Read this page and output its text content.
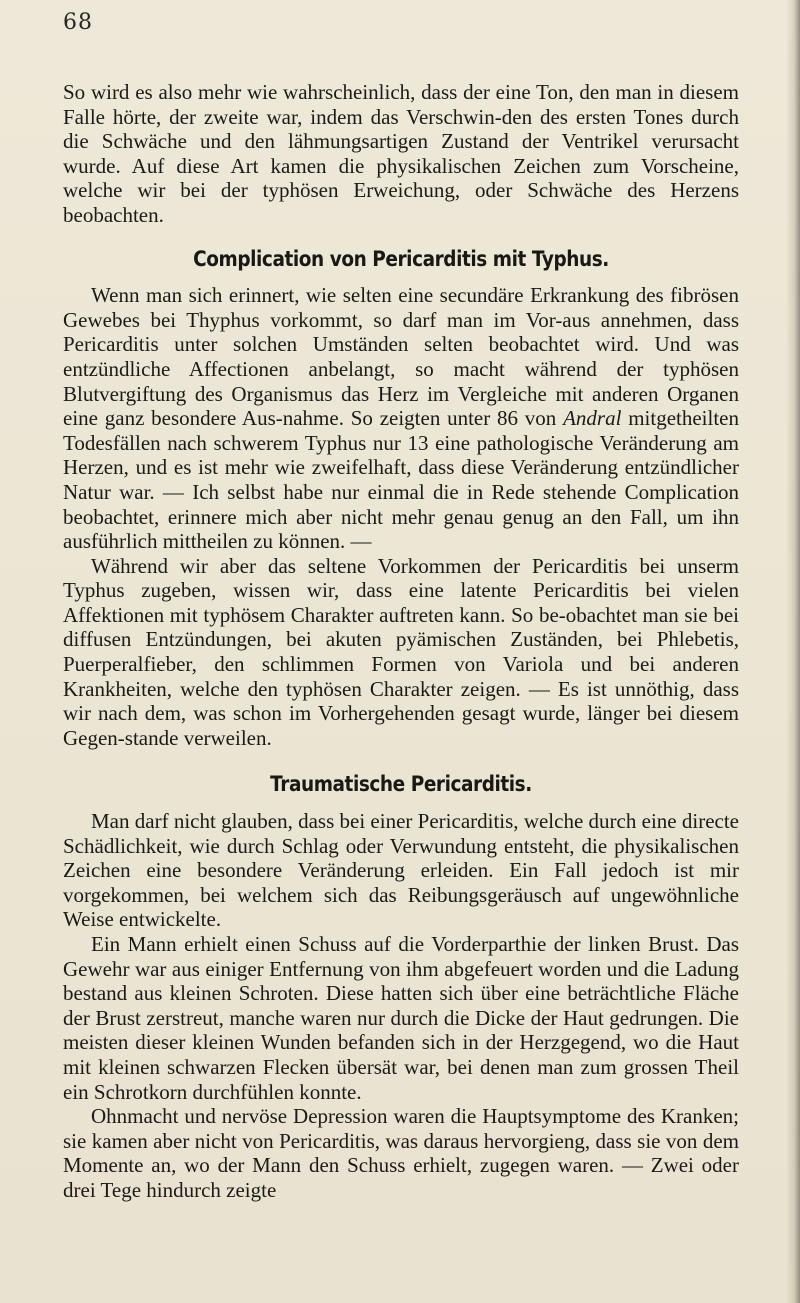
68

So wird es also mehr wie wahrscheinlich, dass der eine Ton, den man in diesem Falle hörte, der zweite war, indem das Verschwin-den des ersten Tones durch die Schwäche und den lähmungsartigen Zustand der Ventrikel verursacht wurde. Auf diese Art kamen die physikalischen Zeichen zum Vorscheine, welche wir bei der typhösen Erweichung, oder Schwäche des Herzens beobachten.

Complication von Pericarditis mit Typhus.

Wenn man sich erinnert, wie selten eine secundäre Erkrankung des fibrösen Gewebes bei Thyphus vorkommt, so darf man im Vor-aus annehmen, dass Pericarditis unter solchen Umständen selten beobachtet wird. Und was entzündliche Affectionen anbelangt, so macht während der typhösen Blutvergiftung des Organismus das Herz im Vergleiche mit anderen Organen eine ganz besondere Aus-nahme. So zeigten unter 86 von Andral mitgetheilten Todesfällen nach schwerem Typhus nur 13 eine pathologische Veränderung am Herzen, und es ist mehr wie zweifelhaft, dass diese Veränderung entzündlicher Natur war. — Ich selbst habe nur einmal die in Rede stehende Complication beobachtet, erinnere mich aber nicht mehr genau genug an den Fall, um ihn ausführlich mittheilen zu können. —

Während wir aber das seltene Vorkommen der Pericarditis bei unserm Typhus zugeben, wissen wir, dass eine latente Pericarditis bei vielen Affektionen mit typhösem Charakter auftreten kann. So be-obachtet man sie bei diffusen Entzündungen, bei akuten pyämischen Zuständen, bei Phlebetis, Puerperalfieber, den schlimmen Formen von Variola und bei anderen Krankheiten, welche den typhösen Charakter zeigen. — Es ist unnöthig, dass wir nach dem, was schon im Vorhergehenden gesagt wurde, länger bei diesem Gegen-stande verweilen.

Traumatische Pericarditis.

Man darf nicht glauben, dass bei einer Pericarditis, welche durch eine directe Schädlichkeit, wie durch Schlag oder Verwundung entsteht, die physikalischen Zeichen eine besondere Veränderung erleiden. Ein Fall jedoch ist mir vorgekommen, bei welchem sich das Reibungsgeräusch auf ungewöhnliche Weise entwickelte.

Ein Mann erhielt einen Schuss auf die Vorderparthie der linken Brust. Das Gewehr war aus einiger Entfernung von ihm abgefeuert worden und die Ladung bestand aus kleinen Schroten. Diese hatten sich über eine beträchtliche Fläche der Brust zerstreut, manche waren nur durch die Dicke der Haut gedrungen. Die meisten dieser kleinen Wunden befanden sich in der Herzgegend, wo die Haut mit kleinen schwarzen Flecken übersät war, bei denen man zum grossen Theil ein Schrotkorn durchfühlen konnte.

Ohnmacht und nervöse Depression waren die Hauptsymptome des Kranken; sie kamen aber nicht von Pericarditis, was daraus hervorgieng, dass sie von dem Momente an, wo der Mann den Schuss erhielt, zugegen waren. — Zwei oder drei Tege hindurch zeigte
